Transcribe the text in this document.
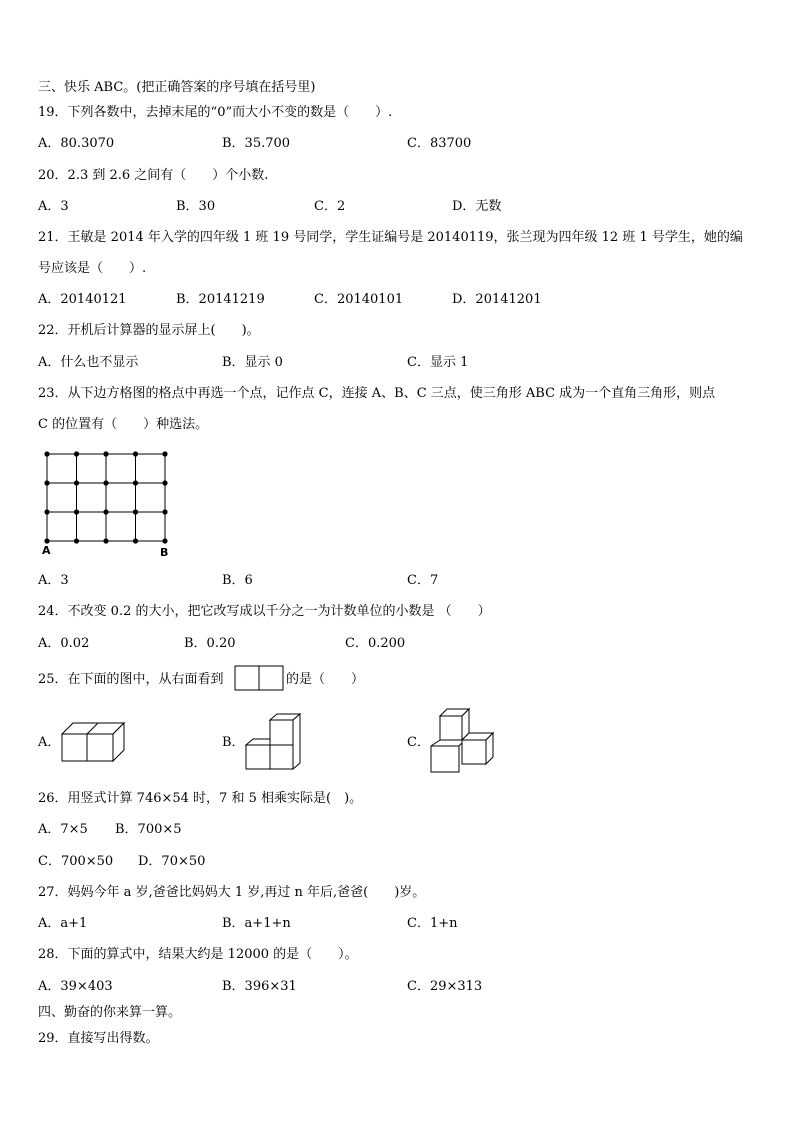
三、快乐 ABC。(把正确答案的序号填在括号里)
19．下列各数中，去掉末尾的“0”而大小不变的数是（　　）.
A．80.3070	B．35.700	C．83700
20．2.3 到 2.6 之间有（　　）个小数.
A．3	B．30	C．2	D．无数
21．王敏是 2014 年入学的四年级 1 班 19 号同学，学生证编号是 20140119，张兰现为四年级 12 班 1 号学生，她的编
号应该是（　　）.
A．20140121	B．20141219	C．20140101	D．20141201
22．开机后计算器的显示屏上(　　)。
A．什么也不显示	B．显示 0	C．显示 1
23．从下边方格图的格点中再选一个点，记作点 C，连接 A、B、C 三点，使三角形 ABC 成为一个直角三角形，则点
C 的位置有（　　）种选法。
A	B
A．3	B．6	C．7
24．不改变 0.2 的大小，把它改写成以千分之一为计数单位的小数是 （　　）
A．0.02	B．0.20	C．0.200
25．在下面的图中，从右面看到	的是（　　）
A．	B．	C．
26．用竖式计算 746×54 时，7 和 5 相乘实际是(　)。
A．7×5 B．700×5
C．700×50 D．70×50
27．妈妈今年 a 岁,爸爸比妈妈大 1 岁,再过 n 年后,爸爸(　　)岁。
A．a+1	B．a+1+n	C．1+n
28．下面的算式中，结果大约是 12000 的是（　　）。
A．39×403	B．396×31	C．29×313
四、勤奋的你来算一算。
29．直接写出得数。
